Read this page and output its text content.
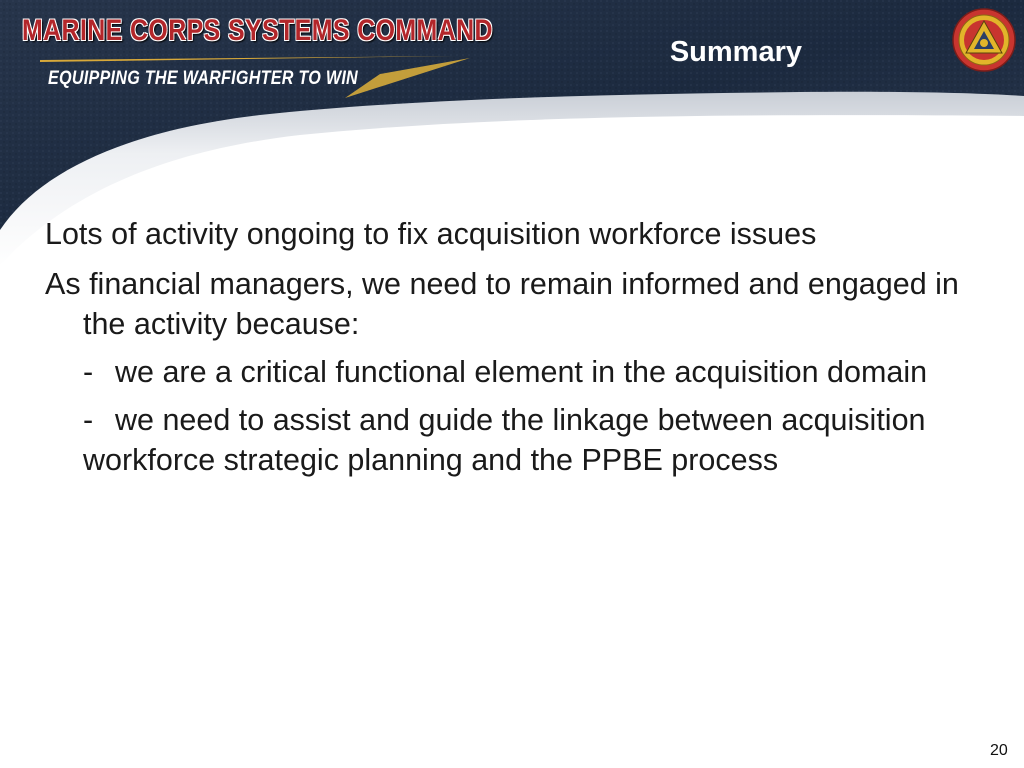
MARINE CORPS SYSTEMS COMMAND
EQUIPPING THE WARFIGHTER TO WIN
Summary
Lots of activity ongoing to fix acquisition workforce issues
As financial managers, we need to remain informed and engaged in the activity because:
- we are a critical functional element in the acquisition domain
- we need to assist and guide the linkage between acquisition workforce strategic planning and the PPBE process
20
